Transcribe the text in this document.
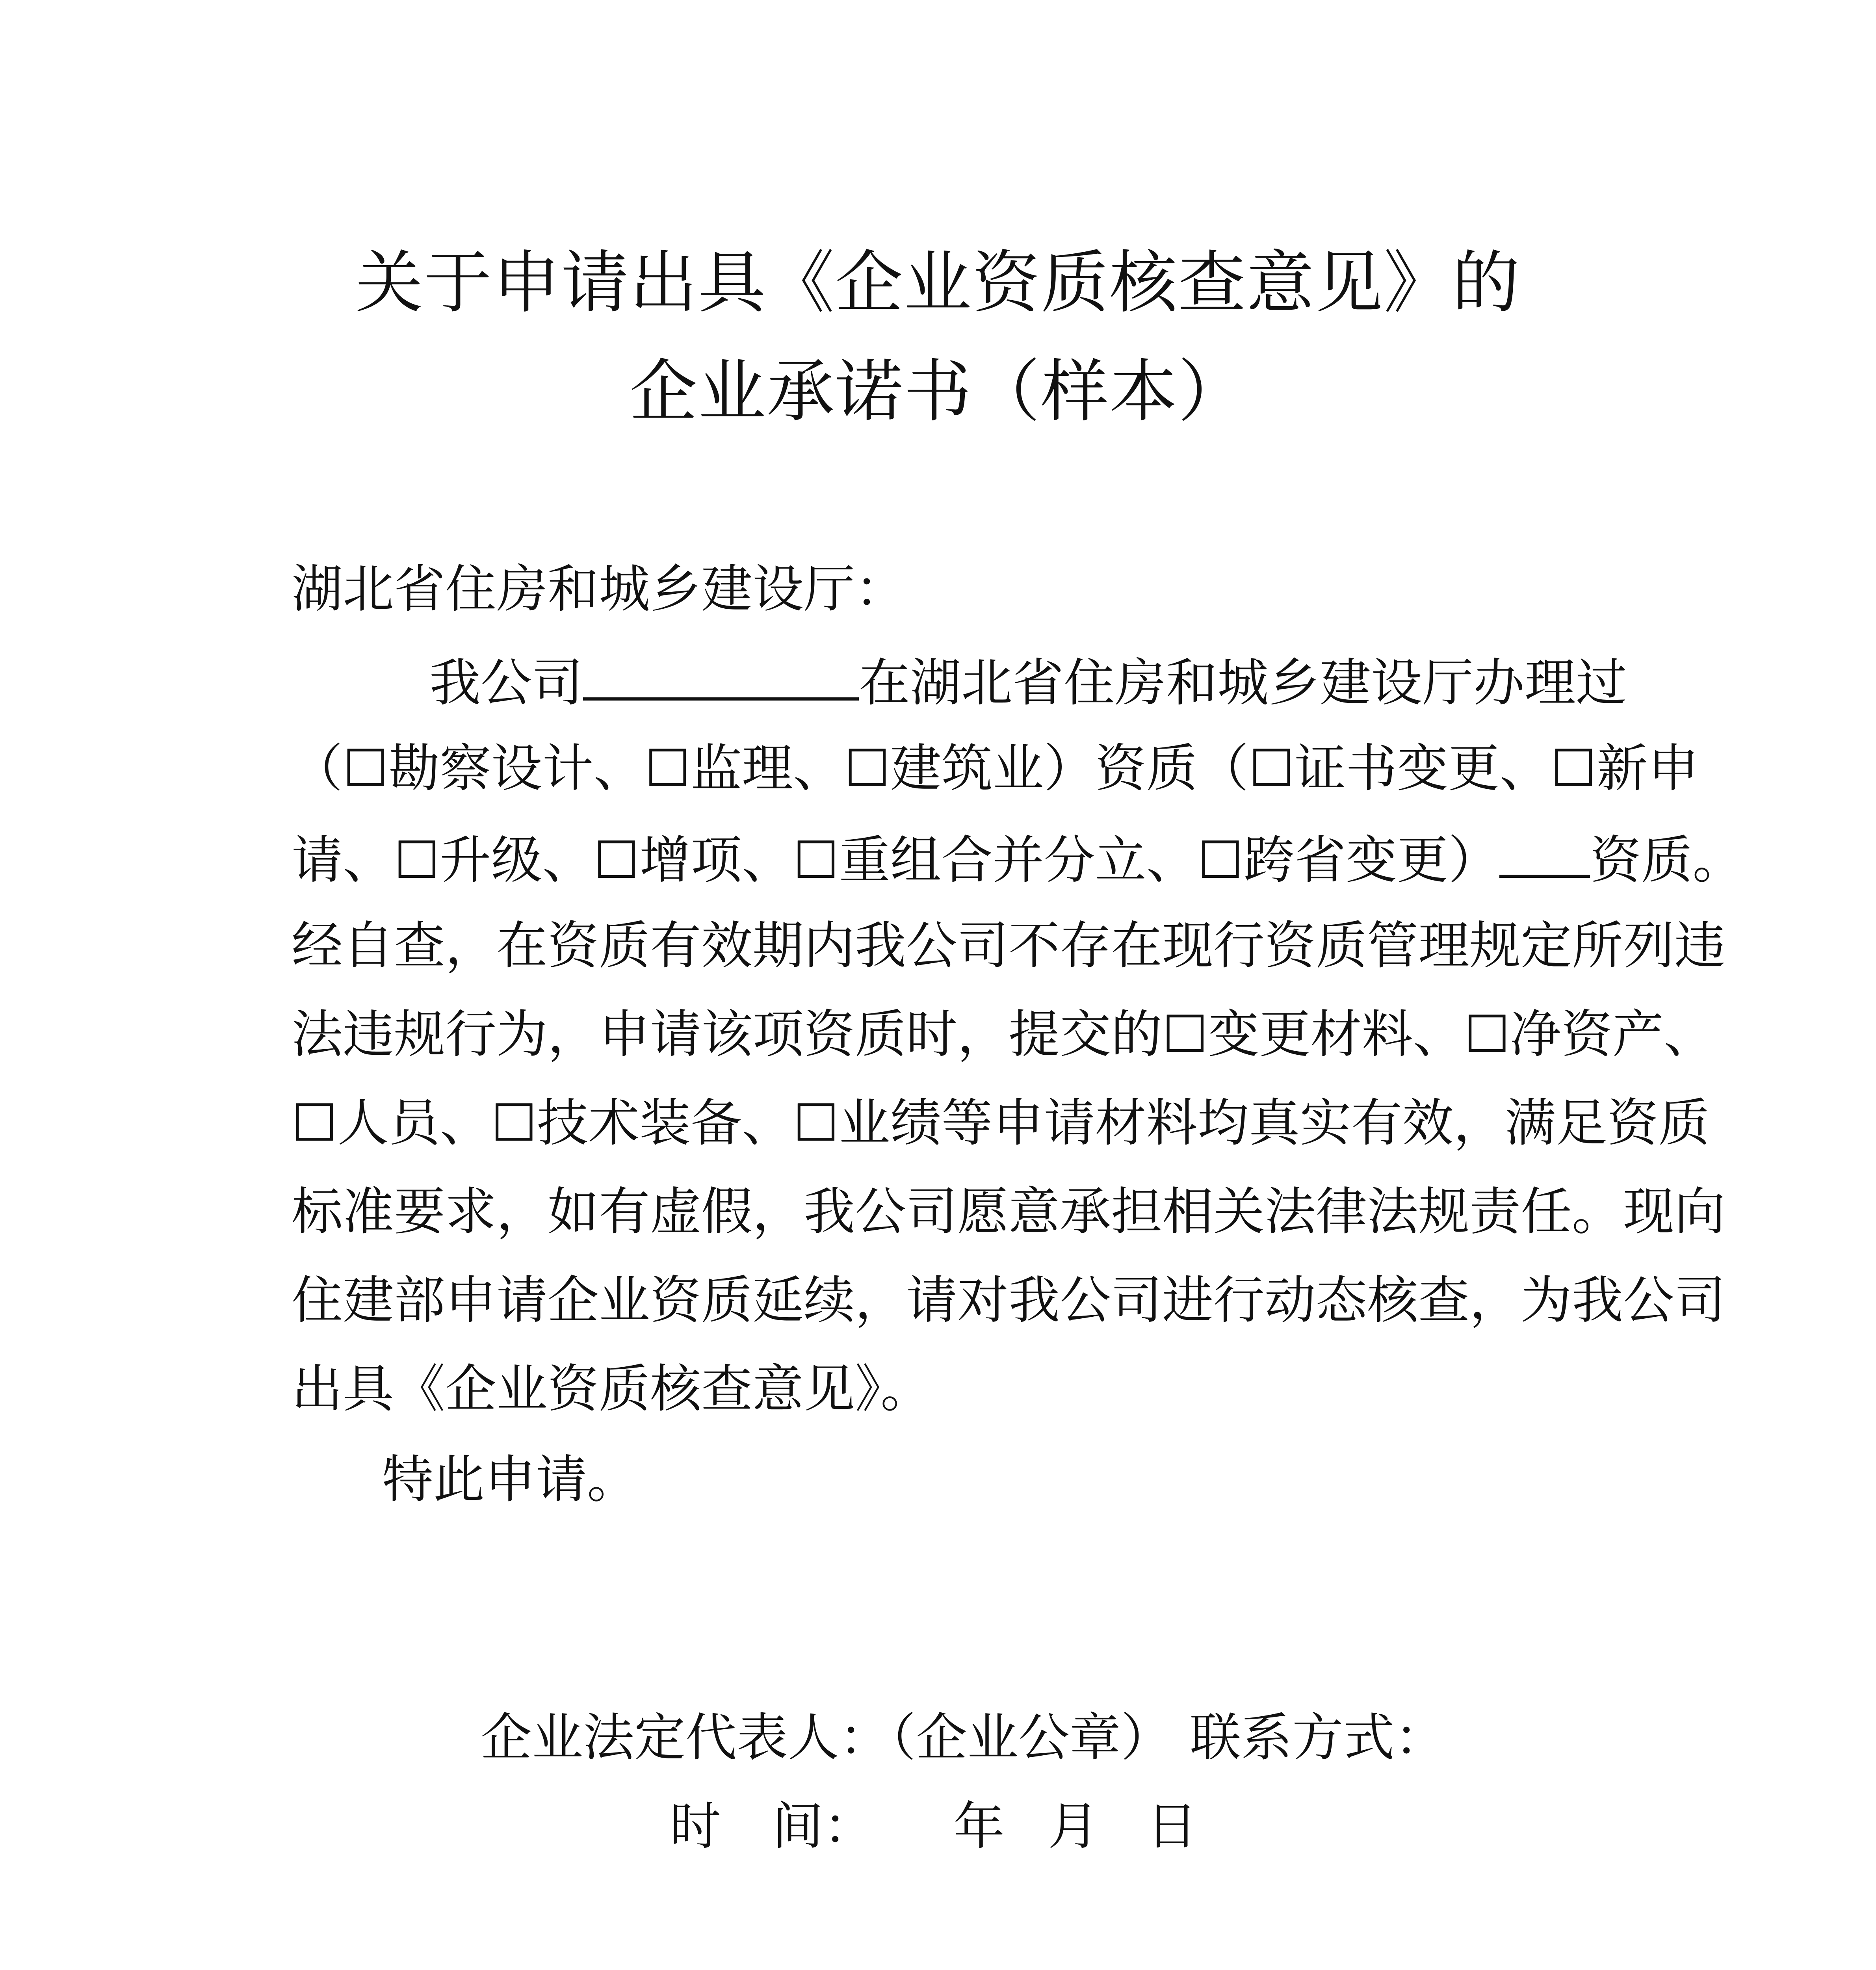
关于申请出具《企业资质核查意见》的
企业承诺书（样本）
湖北省住房和城乡建设厅：
我公司	在湖北省住房和城乡建设厅办理过
（☐勘察设计、☐监理、☐建筑业）资质（☐证书变更、☐新申
请、☐升级、☐增项、☐重组合并分立、☐跨省变更） 资质。
经自查，在资质有效期内我公司不存在现行资质管理规定所列违
法违规行为，申请该项资质时，提交的☐变更材料、☐净资产、
☐人员、☐技术装备、☐业绩等申请材料均真实有效，满足资质
标准要求，如有虚假，我公司愿意承担相关法律法规责任。现向
住建部申请企业资质延续，请对我公司进行动态核查，为我公司
出具《企业资质核查意见》。
特此申请。
企业法定代表人：（企业公章） 联系方式：
时　间： 年 月 日
